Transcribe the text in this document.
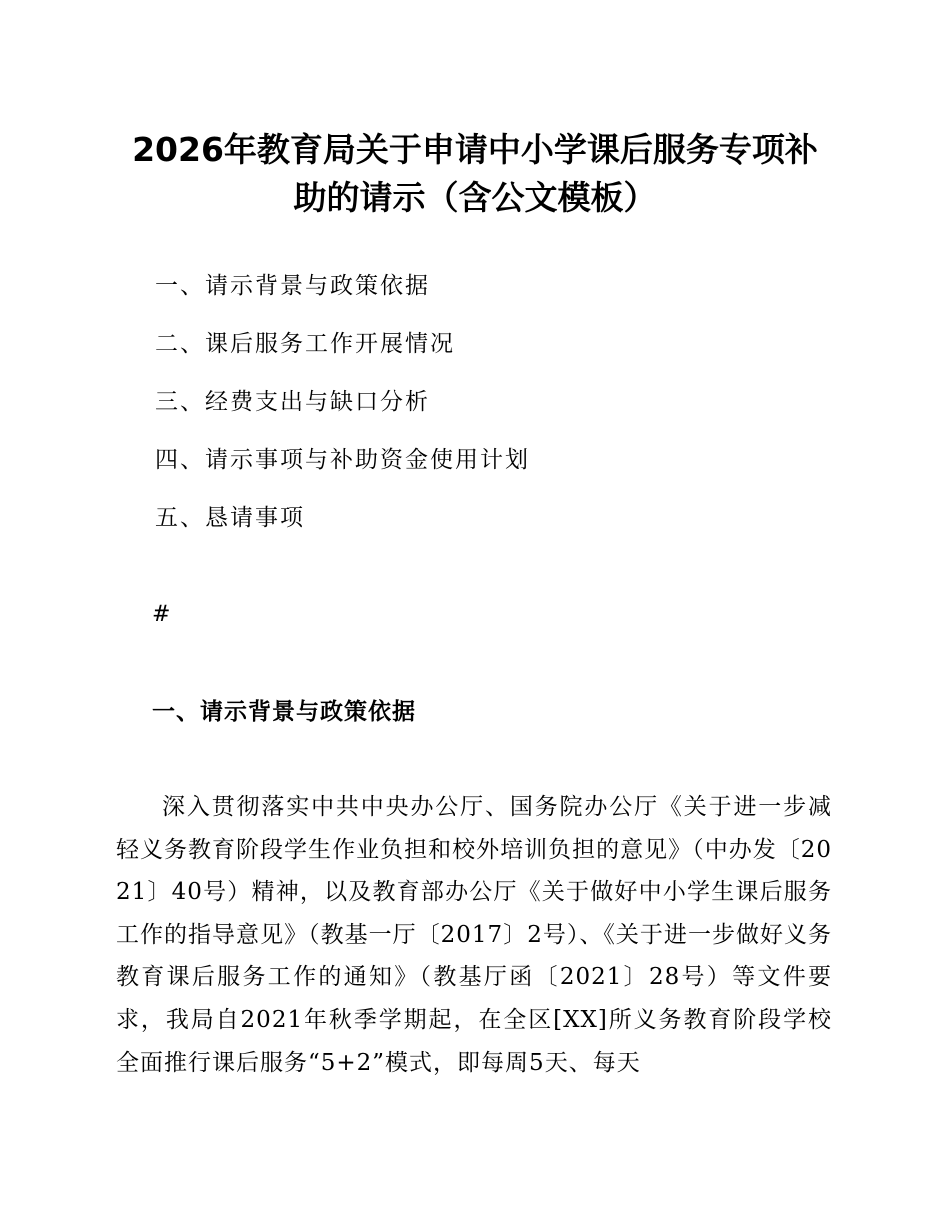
2026年教育局关于申请中小学课后服务专项补助的请示（含公文模板）
一、请示背景与政策依据
二、课后服务工作开展情况
三、经费支出与缺口分析
四、请示事项与补助资金使用计划
五、恳请事项
#
一、请示背景与政策依据

深入贯彻落实中共中央办公厅、国务院办公厅《关于进一步减轻义务教育阶段学生作业负担和校外培训负担的意见》（中办发〔2021〕40号）精神，以及教育部办公厅《关于做好中小学生课后服务工作的指导意见》（教基一厅〔2017〕2号）、《关于进一步做好义务教育课后服务工作的通知》（教基厅函〔2021〕28号）等文件要求，我局自2021年秋季学期起，在全区[XX]所义务教育阶段学校全面推行课后服务“5+2”模式，即每周5天、每天
